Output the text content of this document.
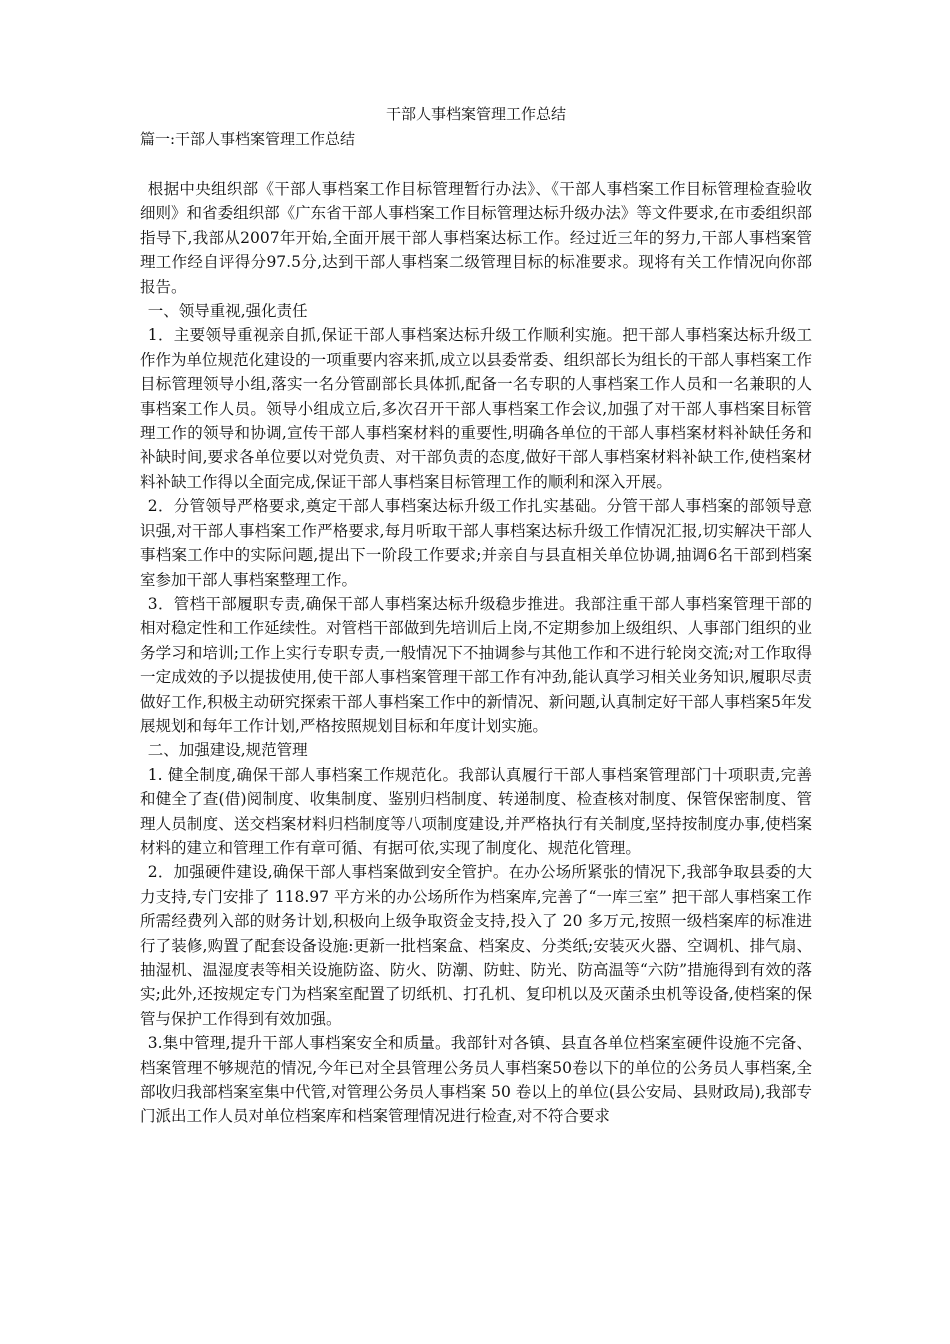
干部人事档案管理工作总结
篇一:干部人事档案管理工作总结

根据中央组织部《干部人事档案工作目标管理暂行办法》、《干部人事档案工作目标管理检查验收细则》和省委组织部《广东省干部人事档案工作目标管理达标升级办法》等文件要求,在市委组织部指导下,我部从2007年开始,全面开展干部人事档案达标工作。经过近三年的努力,干部人事档案管理工作经自评得分97.5分,达到干部人事档案二级管理目标的标准要求。现将有关工作情况向你部报告。

一、领导重视,强化责任

1．主要领导重视亲自抓,保证干部人事档案达标升级工作顺利实施。把干部人事档案达标升级工作作为单位规范化建设的一项重要内容来抓,成立以县委常委、组织部长为组长的干部人事档案工作目标管理领导小组,落实一名分管副部长具体抓,配备一名专职的人事档案工作人员和一名兼职的人事档案工作人员。领导小组成立后,多次召开干部人事档案工作会议,加强了对干部人事档案目标管理工作的领导和协调,宣传干部人事档案材料的重要性,明确各单位的干部人事档案材料补缺任务和补缺时间,要求各单位要以对党负责、对干部负责的态度,做好干部人事档案材料补缺工作,使档案材料补缺工作得以全面完成,保证干部人事档案目标管理工作的顺利和深入开展。

2．分管领导严格要求,奠定干部人事档案达标升级工作扎实基础。分管干部人事档案的部领导意识强,对干部人事档案工作严格要求,每月听取干部人事档案达标升级工作情况汇报,切实解决干部人事档案工作中的实际问题,提出下一阶段工作要求;并亲自与县直相关单位协调,抽调6名干部到档案室参加干部人事档案整理工作。

3．管档干部履职专责,确保干部人事档案达标升级稳步推进。我部注重干部人事档案管理干部的相对稳定性和工作延续性。对管档干部做到先培训后上岗,不定期参加上级组织、人事部门组织的业务学习和培训;工作上实行专职专责,一般情况下不抽调参与其他工作和不进行轮岗交流;对工作取得一定成效的予以提拔使用,使干部人事档案管理干部工作有冲劲,能认真学习相关业务知识,履职尽责做好工作,积极主动研究探索干部人事档案工作中的新情况、新问题,认真制定好干部人事档案5年发展规划和每年工作计划,严格按照规划目标和年度计划实施。

二、加强建设,规范管理

1. 健全制度,确保干部人事档案工作规范化。我部认真履行干部人事档案管理部门十项职责,完善和健全了查(借)阅制度、收集制度、鉴别归档制度、转递制度、检查核对制度、保管保密制度、管理人员制度、送交档案材料归档制度等八项制度建设,并严格执行有关制度,坚持按制度办事,使档案材料的建立和管理工作有章可循、有据可依,实现了制度化、规范化管理。

2．加强硬件建设,确保干部人事档案做到安全管护。在办公场所紧张的情况下,我部争取县委的大力支持,专门安排了 118.97 平方米的办公场所作为档案库,完善了“一库三室” 把干部人事档案工作所需经费列入部的财务计划,积极向上级争取资金支持,投入了 20 多万元,按照一级档案库的标准进行了装修,购置了配套设备设施:更新一批档案盒、档案皮、分类纸;安装灭火器、空调机、排气扇、抽湿机、温湿度表等相关设施防盗、防火、防潮、防蛀、防光、防高温等“六防”措施得到有效的落实;此外,还按规定专门为档案室配置了切纸机、打孔机、复印机以及灭菌杀虫机等设备,使档案的保管与保护工作得到有效加强。

3.集中管理,提升干部人事档案安全和质量。我部针对各镇、县直各单位档案室硬件设施不完备、档案管理不够规范的情况,今年已对全县管理公务员人事档案50卷以下的单位的公务员人事档案,全部收归我部档案室集中代管,对管理公务员人事档案 50 卷以上的单位(县公安局、县财政局),我部专门派出工作人员对单位档案库和档案管理情况进行检查,对不符合要求
